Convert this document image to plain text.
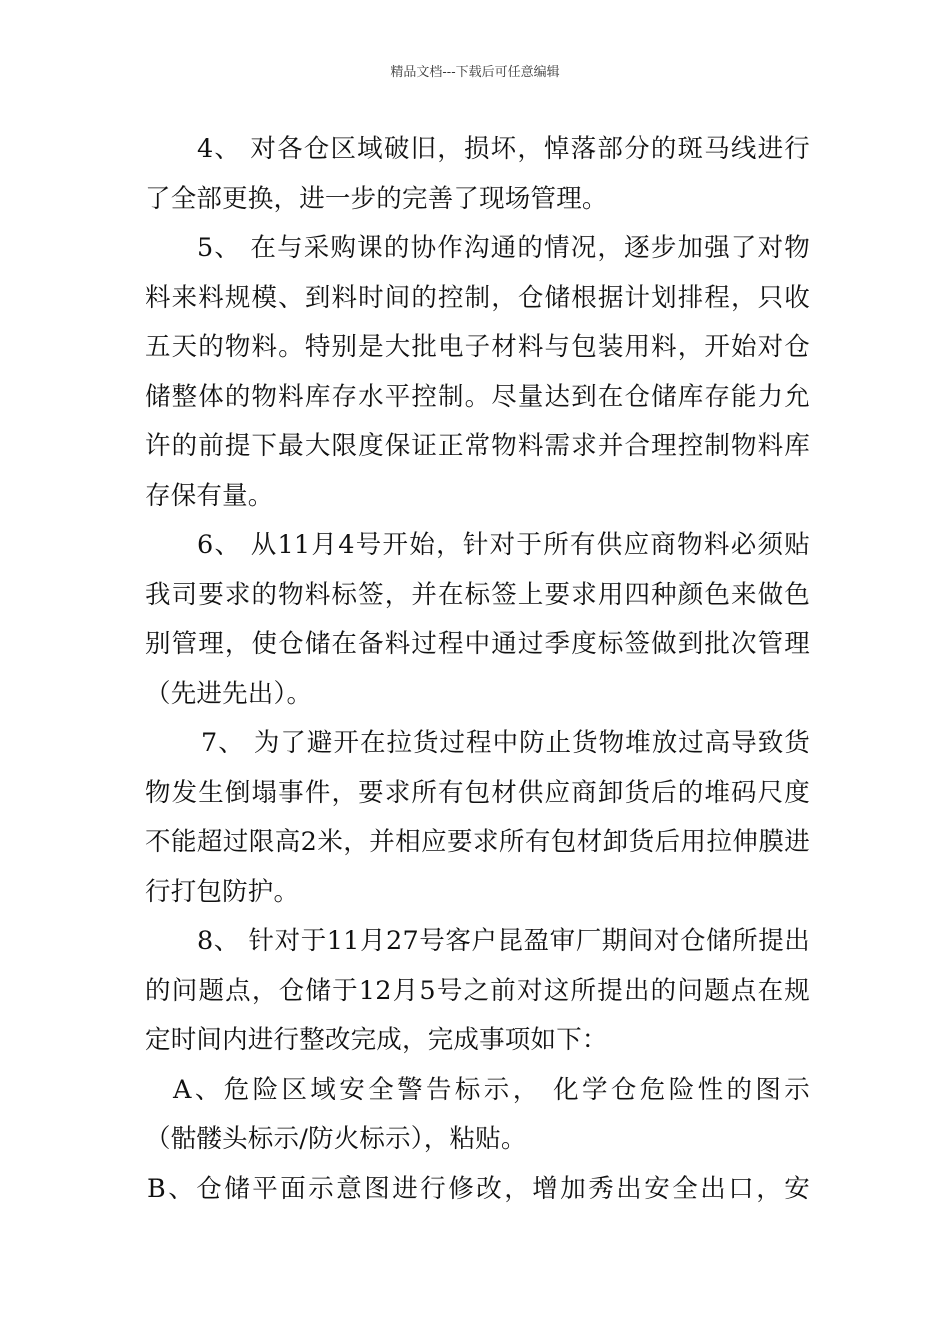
精品文档---下载后可任意编辑
4、 对各仓区域破旧，损坏，悼落部分的斑马线进行
了全部更换，进一步的完善了现场管理。
5、 在与采购课的协作沟通的情况，逐步加强了对物
料来料规模、到料时间的控制，仓储根据计划排程，只收
五天的物料。特别是大批电子材料与包装用料，开始对仓
储整体的物料库存水平控制。尽量达到在仓储库存能力允
许的前提下最大限度保证正常物料需求并合理控制物料库
存保有量。
6、 从11月4号开始，针对于所有供应商物料必须贴
我司要求的物料标签，并在标签上要求用四种颜色来做色
别管理，使仓储在备料过程中通过季度标签做到批次管理
（先进先出）。
7、 为了避开在拉货过程中防止货物堆放过高导致货
物发生倒塌事件，要求所有包材供应商卸货后的堆码尺度
不能超过限高2米，并相应要求所有包材卸货后用拉伸膜进
行打包防护。
8、 针对于11月27号客户昆盈审厂期间对仓储所提出
的问题点，仓储于12月5号之前对这所提出的问题点在规
定时间内进行整改完成，完成事项如下：
A、危险区域安全警告标示， 化学仓危险性的图示
（骷髅头标示/防火标示），粘贴。
B、仓储平面示意图进行修改，增加秀出安全出口，安
